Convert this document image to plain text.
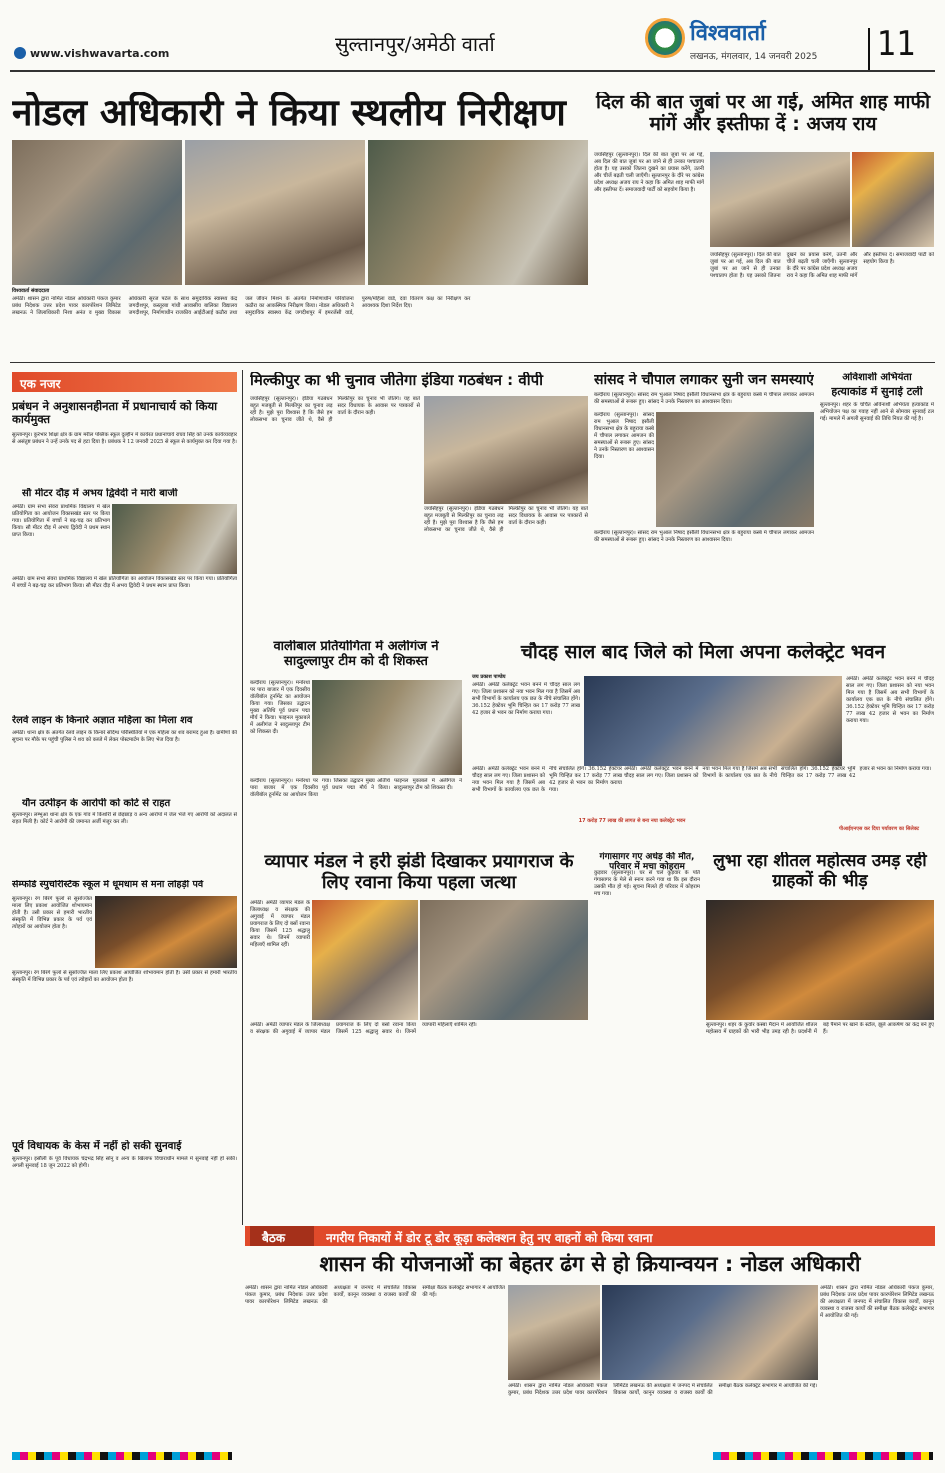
www.vishwavarta.com	सुल्तानपुर/अमेठी वार्ता	विश्ववार्ता
लखनऊ, मंगलवार, 14 जनवरी 2025 11
नोडल अधिकारी ने किया स्थलीय निरीक्षण
विश्ववार्ता संवाददाता
अमेठी। शासन द्वारा नामित नोडल अधिकारी पंकज कुमार प्रबंध निदेशक उत्तर प्रदेश पावर कारपोरेशन लिमिटेड लखनऊ ने जिलाधिकारी निशा अनंत व मुख्य विकास अधिकारी सूरज पटेल के साथ समुदायिक स्वास्थ्य केंद्र जगदीशपुर, कस्तूरबा गांधी आवासीय बालिका विद्यालय जगदीशपुर, निर्माणाधीन राजकीय आईटीआई कठौरा तथा जल जीवन मिशन के अंतर्गत निर्माणाधीन परियोजना कठौरा का आकस्मिक निरीक्षण किया। नोडल अधिकारी ने समुदायिक स्वास्थ्य केंद्र जगदीशपुर में इमरजेंसी वार्ड, पुरुष/महिला वार्ड, दवा वितरण कक्ष का निरीक्षण कर आवश्यक दिशा निर्देश दिए।
दिल की बात जुबां पर आ गई, अमित शाह माफी मांगें और इस्तीफा दें : अजय राय
जयसिंहपुर (सुल्तानपुर)। दिल की बात जुबां पर आ गई, अब दिल की बात जुबां पर आ जाने से ही उनका पश्चाताप होता है। यह उसको जितना दुखने का प्रयास करेंगे, उतनी और चीजें बढ़ती चली जाएँगी। सुल्तानपुर के दौरे पर कांग्रेस प्रदेश अध्यक्ष अजय राय ने कहा कि अमित शाह माफी मांगें और इस्तीफा दें। समाजवादी पार्टी को सहयोग किया है।
जयसिंहपुर (सुल्तानपुर)। दिल की बात जुबां पर आ गई, अब दिल की बात जुबां पर आ जाने से ही उनका पश्चाताप होता है। यह उसको जितना दुखने का प्रयास करेंगे, उतनी और चीजें बढ़ती चली जाएँगी। सुल्तानपुर के दौरे पर कांग्रेस प्रदेश अध्यक्ष अजय राय ने कहा कि अमित शाह माफी मांगें और इस्तीफा दें। समाजवादी पार्टी को सहयोग किया है।
एक नजर
प्रबंधन ने अनुशासनहीनता में प्रधानाचार्य को किया कार्यमुक्त
सुल्तानपुर। कुरेभार शिक्षा क्षेत्र के ग्राम मरील पब्लिक स्कूल दुल्हीन में कार्यरत प्रधानाचार्य राघव सिंह को उनके कार्यव्यवहार से असंतुष्ट प्रबंधन ने उन्हें उनके पद से हटा दिया है। प्रबंधक ने 12 जनवरी 2025 से स्कूल से कार्यमुक्त कर दिया गया है।
सौ मीटर दौड़ में अभय द्विवेदी ने मारी बाजी
अमेठी। ग्राम सभा सेवरा प्राथमिक विद्यालय में खेल प्रतियोगिता का आयोजन विकासखंड स्तर पर किया गया। प्रतियोगिता में बच्चों ने बढ़-चढ़ कर प्रतिभाग किया। सौ मीटर दौड़ में अभय द्विवेदी ने प्रथम स्थान प्राप्त किया।
अमेठी। ग्राम सभा सेवरा प्राथमिक विद्यालय में खेल प्रतियोगिता का आयोजन विकासखंड स्तर पर किया गया। प्रतियोगिता में बच्चों ने बढ़-चढ़ कर प्रतिभाग किया। सौ मीटर दौड़ में अभय द्विवेदी ने प्रथम स्थान प्राप्त किया।
रेलवे लाइन के किनारे अज्ञात महिला का मिला शव
अमेठी। थाना क्षेत्र के अंतर्गत रेलवे लाइन के किनारे संदिग्ध परिस्थितियों में एक महिला का शव बरामद हुआ है। ग्रामीणों की सूचना पर मौके पर पहुंची पुलिस ने शव को कब्जे में लेकर पोस्टमार्टम के लिए भेज दिया है।
यौन उत्पीड़न के आरोपी को कोर्ट से राहत
सुल्तानपुर। लम्भुआ थाना क्षेत्र के एक गांव में किशोरी से छेड़छाड़ व अन्य आरोपों में जेल भेजे गए आरोपी को अदालत से राहत मिली है। कोर्ट ने आरोपी की जमानत अर्जी मंजूर कर ली।
सेम्फोर्ड स्पुचरिस्टिक स्कूल में धूमधाम से मना लोहड़ी पर्व
सुल्तानपुर। रंग बिरंगे फूलों से सुसज्जित माला लिए प्रकाश आयोजित शोभायमान होती है। उसी प्रकार से हमारी भारतीय संस्कृति में विभिन्न प्रकार के पर्व एवं त्योहारों का आयोजन होता है।
सुल्तानपुर। रंग बिरंगे फूलों से सुसज्जित माला लिए प्रकाश आयोजित शोभायमान होती है। उसी प्रकार से हमारी भारतीय संस्कृति में विभिन्न प्रकार के पर्व एवं त्योहारों का आयोजन होता है।
पूर्व विधायक के केस में नहीं हो सकी सुनवाई
सुल्तानपुर। इसौली के पूर्व विधायक चंद्रभद्र सिंह सोनू व अन्य के खिलाफ विचाराधीन मामले में सुनवाई नहीं हो सकी। अगली सुनवाई 18 जून 2022 को होगी।
मिल्कीपुर का भी चुनाव जीतेगा इंडिया गठबंधन : वीपी
जयसिंहपुर (सुल्तानपुर)। इंडिया गठबंधन बहुत मजबूती से मिल्कीपुर का चुनाव लड़ रही है। मुझे पूरा विश्वास है कि जैसे हम लोकसभा का चुनाव जीते थे, वैसे ही मिल्कीपुर का चुनाव भी जीतेंगे। यह बातें सदर विधायक के आवास पर पत्रकारों से वार्ता के दौरान कही।
जयसिंहपुर (सुल्तानपुर)। इंडिया गठबंधन बहुत मजबूती से मिल्कीपुर का चुनाव लड़ रही है। मुझे पूरा विश्वास है कि जैसे हम लोकसभा का चुनाव जीते थे, वैसे ही मिल्कीपुर का चुनाव भी जीतेंगे। यह बातें सदर विधायक के आवास पर पत्रकारों से वार्ता के दौरान कही।
सांसद ने चौपाल लगाकर सुनी जन समस्याएं
बल्दीराय (सुल्तानपुर)। सांसद राम भुआल निषाद इसौली विधानसभा क्षेत्र के बहुराया कस्बे में चौपाल लगाकर आमजन की समस्याओं से रूबरू हुए। सांसद ने उनके निस्तारण का आश्वासन दिया।
बल्दीराय (सुल्तानपुर)। सांसद राम भुआल निषाद इसौली विधानसभा क्षेत्र के बहुराया कस्बे में चौपाल लगाकर आमजन की समस्याओं से रूबरू हुए। सांसद ने उनके निस्तारण का आश्वासन दिया।
बल्दीराय (सुल्तानपुर)। सांसद राम भुआल निषाद इसौली विधानसभा क्षेत्र के बहुराया कस्बे में चौपाल लगाकर आमजन की समस्याओं से रूबरू हुए। सांसद ने उनके निस्तारण का आश्वासन दिया।
अविशाशी अभियंता
हत्याकांड में सुनाई टली
सुल्तानपुर। शहर के चर्चित अविनाशी अभियंता हत्याकांड में अभियोजन पक्ष का गवाह नहीं आने से सोमवार सुनवाई टल गई। मामले में अगली सुनवाई की तिथि नियत की गई है।
वालीबाल प्रतियोगिता में अलीगंज ने सादुल्लापुर टीम को दी शिकस्त
बल्दीराय (सुल्तानपुर)। मनोरथा पर पारा बाजार में एक दिवसीय वॉलीबॉल टूर्नामेंट का आयोजन किया गया। जिसका उद्घाटन मुख्य अतिथि पूर्व प्रधान पद्मा मौर्य ने किया। फाइनल मुकाबले में अलीगंज ने सादुल्लापुर टीम को शिकस्त दी।
बल्दीराय (सुल्तानपुर)। मनोरथा पर पारा बाजार में एक दिवसीय वॉलीबॉल टूर्नामेंट का आयोजन किया गया। जिसका उद्घाटन मुख्य अतिथि पूर्व प्रधान पद्मा मौर्य ने किया। फाइनल मुकाबले में अलीगंज ने सादुल्लापुर टीम को शिकस्त दी।
चौदह साल बाद जिले को मिला अपना कलेक्ट्रेट भवन
जय प्रकाश पाण्डेय
अमेठी। अमेठी कलेक्ट्रेट भवन बनने में चौदह साल लग गए। जिला प्रशासन को नया भवन मिल गया है जिसमें अब सभी विभागों के कार्यालय एक छत के नीचे संचालित होंगे। 36.152 हेक्टेयर भूमि चिन्हित कर 17 करोड़ 77 लाख 42 हजार से भवन का निर्माण कराया गया।
अमेठी। अमेठी कलेक्ट्रेट भवन बनने में चौदह साल लग गए। जिला प्रशासन को नया भवन मिल गया है जिसमें अब सभी विभागों के कार्यालय एक छत के नीचे संचालित होंगे। 36.152 हेक्टेयर भूमि चिन्हित कर 17 करोड़ 77 लाख 42 हजार से भवन का निर्माण कराया गया।
अमेठी। अमेठी कलेक्ट्रेट भवन बनने में चौदह साल लग गए। जिला प्रशासन को नया भवन मिल गया है जिसमें अब सभी विभागों के कार्यालय एक छत के नीचे संचालित होंगे। 36.152 हेक्टेयर भूमि चिन्हित कर 17 करोड़ 77 लाख 42 हजार से भवन का निर्माण कराया गया।
17 करोड़ 77 लाख की लागत से बना नया कलेक्ट्रेट भवन
अमेठी। अमेठी कलेक्ट्रेट भवन बनने में चौदह साल लग गए। जिला प्रशासन को नया भवन मिल गया है जिसमें अब सभी विभागों के कार्यालय एक छत के नीचे संचालित होंगे। 36.152 हेक्टेयर भूमि चिन्हित कर 17 करोड़ 77 लाख 42 हजार से भवन का निर्माण कराया गया।
पीआईएनएस कर दिया पर्यावरण का सिलेक्ट
व्यापार मंडल ने हरी झंडी दिखाकर प्रयागराज के लिए रवाना किया पहला जत्था
अमेठी। अमेठी व्यापार मंडल के जिलाध्यक्ष व संरक्षक की अगुवाई में व्यापार मंडल प्रयागराज के लिए दो बसों रवाना किया जिसमें 125 श्रद्धालु सवार थे। जिनमें व्यापारी महिलाएँ शामिल रहीं।
अमेठी। अमेठी व्यापार मंडल के जिलाध्यक्ष व संरक्षक की अगुवाई में व्यापार मंडल प्रयागराज के लिए दो बसों रवाना किया जिसमें 125 श्रद्धालु सवार थे। जिनमें व्यापारी महिलाएँ शामिल रहीं।
गंगासागर गए अधेड़ की मौत, परिवार में मचा कोहराम
कुड़वार (सुल्तानपुर)। घर से चले कुड़वार के पति गंगासागर के मेले से स्नान करने गया था कि इस दौरान उसकी मौत हो गई। सूचना मिलते ही परिवार में कोहराम मच गया।
लुभा रहा शीतल महोत्सव उमड़ रही ग्राहकों की भीड़
सुल्तानपुर। शहर के कुर्वार कस्बा मैदान में आयोजित शीतल महोत्सव में ग्राहकों की भारी भीड़ उमड़ रही है। प्रदर्शनी में बड़े पैमाने पर खाने के स्टॉल, झूले आकर्षण का केंद्र बने हुए हैं।
बैठक	नगरीय निकायों में डोर टू डोर कूड़ा कलेक्शन हेतु नए वाहनों को किया रवाना
शासन की योजनाओं का बेहतर ढंग से हो क्रियान्वयन : नोडल अधिकारी
अमेठी। शासन द्वारा नामित नोडल अधिकारी पंकज कुमार, प्रबंध निदेशक उत्तर प्रदेश पावर कारपोरेशन लिमिटेड लखनऊ की अध्यक्षता में जनपद में संचालित विकास कार्यों, कानून व्यवस्था व राजस्व कार्यों की समीक्षा बैठक कलेक्ट्रेट सभागार में आयोजित की गई।
अमेठी। शासन द्वारा नामित नोडल अधिकारी पंकज कुमार, प्रबंध निदेशक उत्तर प्रदेश पावर कारपोरेशन लिमिटेड लखनऊ की अध्यक्षता में जनपद में संचालित विकास कार्यों, कानून व्यवस्था व राजस्व कार्यों की समीक्षा बैठक कलेक्ट्रेट सभागार में आयोजित की गई।
अमेठी। शासन द्वारा नामित नोडल अधिकारी पंकज कुमार, प्रबंध निदेशक उत्तर प्रदेश पावर कारपोरेशन लिमिटेड लखनऊ की अध्यक्षता में जनपद में संचालित विकास कार्यों, कानून व्यवस्था व राजस्व कार्यों की समीक्षा बैठक कलेक्ट्रेट सभागार में आयोजित की गई।
